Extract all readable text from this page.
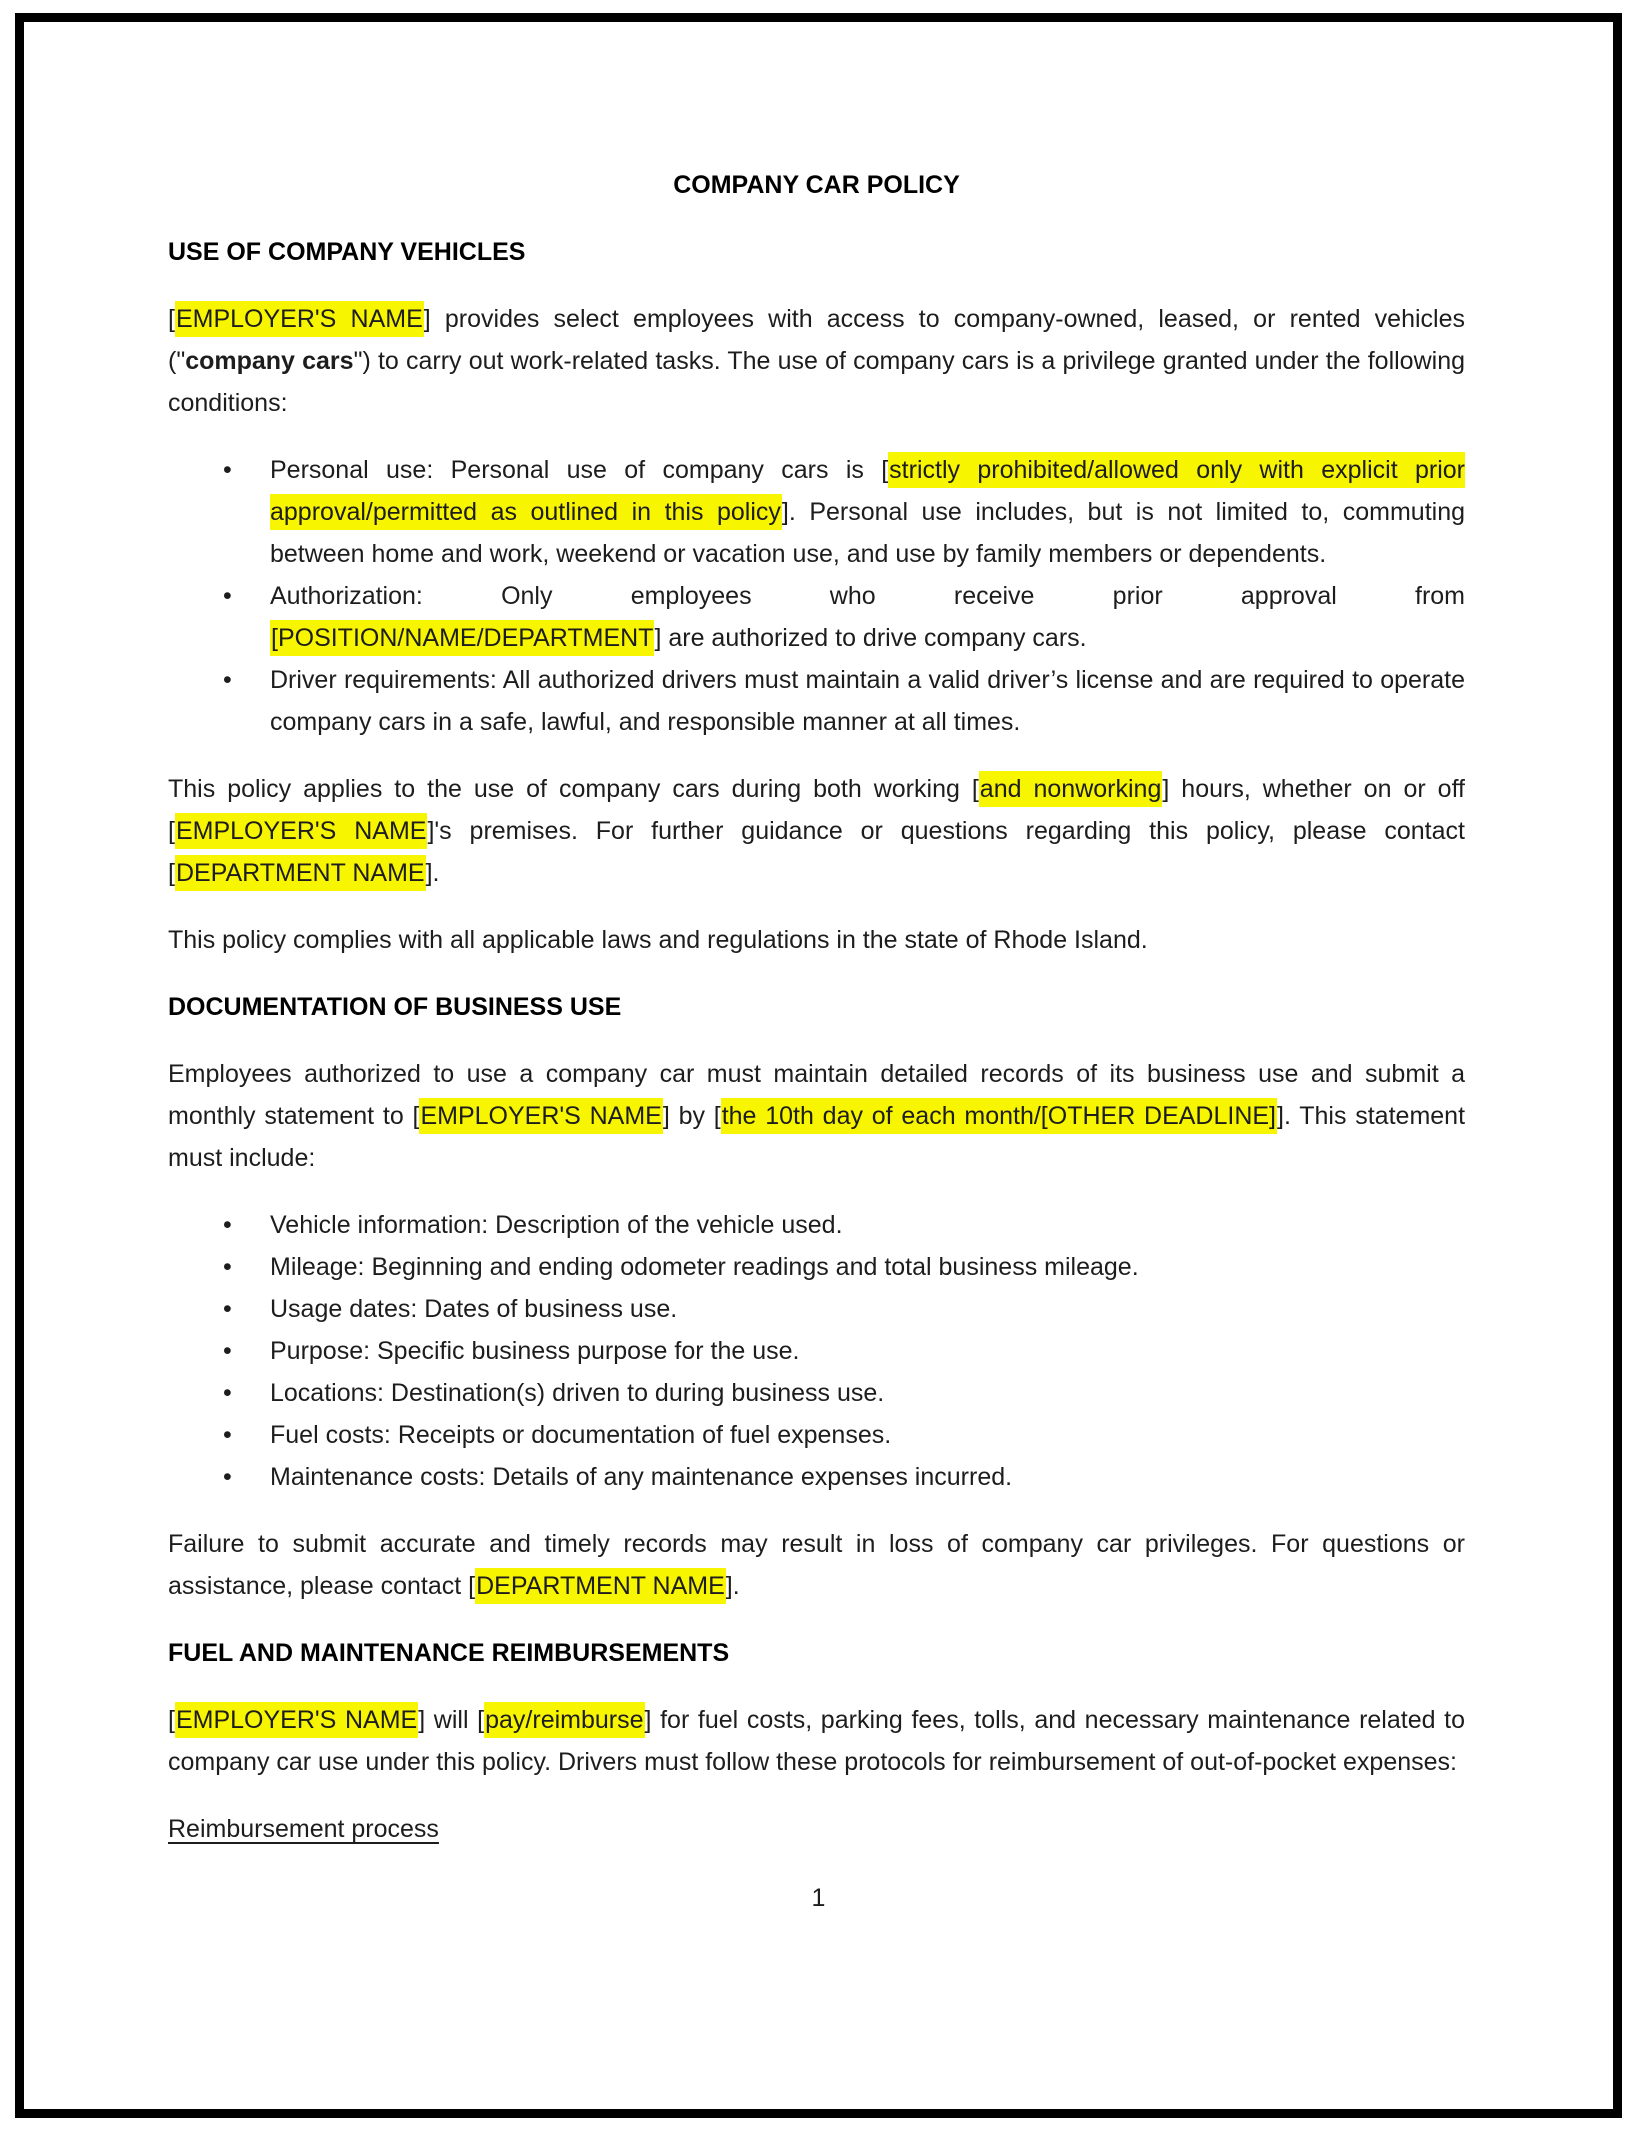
COMPANY CAR POLICY
USE OF COMPANY VEHICLES

[EMPLOYER'S NAME] provides select employees with access to company-owned, leased, or rented vehicles ("company cars") to carry out work-related tasks. The use of company cars is a privilege granted under the following conditions:

• Personal use: Personal use of company cars is [strictly prohibited/allowed only with explicit prior approval/permitted as outlined in this policy]. Personal use includes, but is not limited to, commuting between home and work, weekend or vacation use, and use by family members or dependents.
• Authorization: Only employees who receive prior approval from [POSITION/NAME/DEPARTMENT] are authorized to drive company cars.
• Driver requirements: All authorized drivers must maintain a valid driver’s license and are required to operate company cars in a safe, lawful, and responsible manner at all times.

This policy applies to the use of company cars during both working [and nonworking] hours, whether on or off [EMPLOYER'S NAME]'s premises. For further guidance or questions regarding this policy, please contact [DEPARTMENT NAME].

This policy complies with all applicable laws and regulations in the state of Rhode Island.

DOCUMENTATION OF BUSINESS USE

Employees authorized to use a company car must maintain detailed records of its business use and submit a monthly statement to [EMPLOYER'S NAME] by [the 10th day of each month/[OTHER DEADLINE]]. This statement must include:

• Vehicle information: Description of the vehicle used.
• Mileage: Beginning and ending odometer readings and total business mileage.
• Usage dates: Dates of business use.
• Purpose: Specific business purpose for the use.
• Locations: Destination(s) driven to during business use.
• Fuel costs: Receipts or documentation of fuel expenses.
• Maintenance costs: Details of any maintenance expenses incurred.

Failure to submit accurate and timely records may result in loss of company car privileges. For questions or assistance, please contact [DEPARTMENT NAME].

FUEL AND MAINTENANCE REIMBURSEMENTS

[EMPLOYER'S NAME] will [pay/reimburse] for fuel costs, parking fees, tolls, and necessary maintenance related to company car use under this policy. Drivers must follow these protocols for reimbursement of out-of-pocket expenses:

Reimbursement process

1
